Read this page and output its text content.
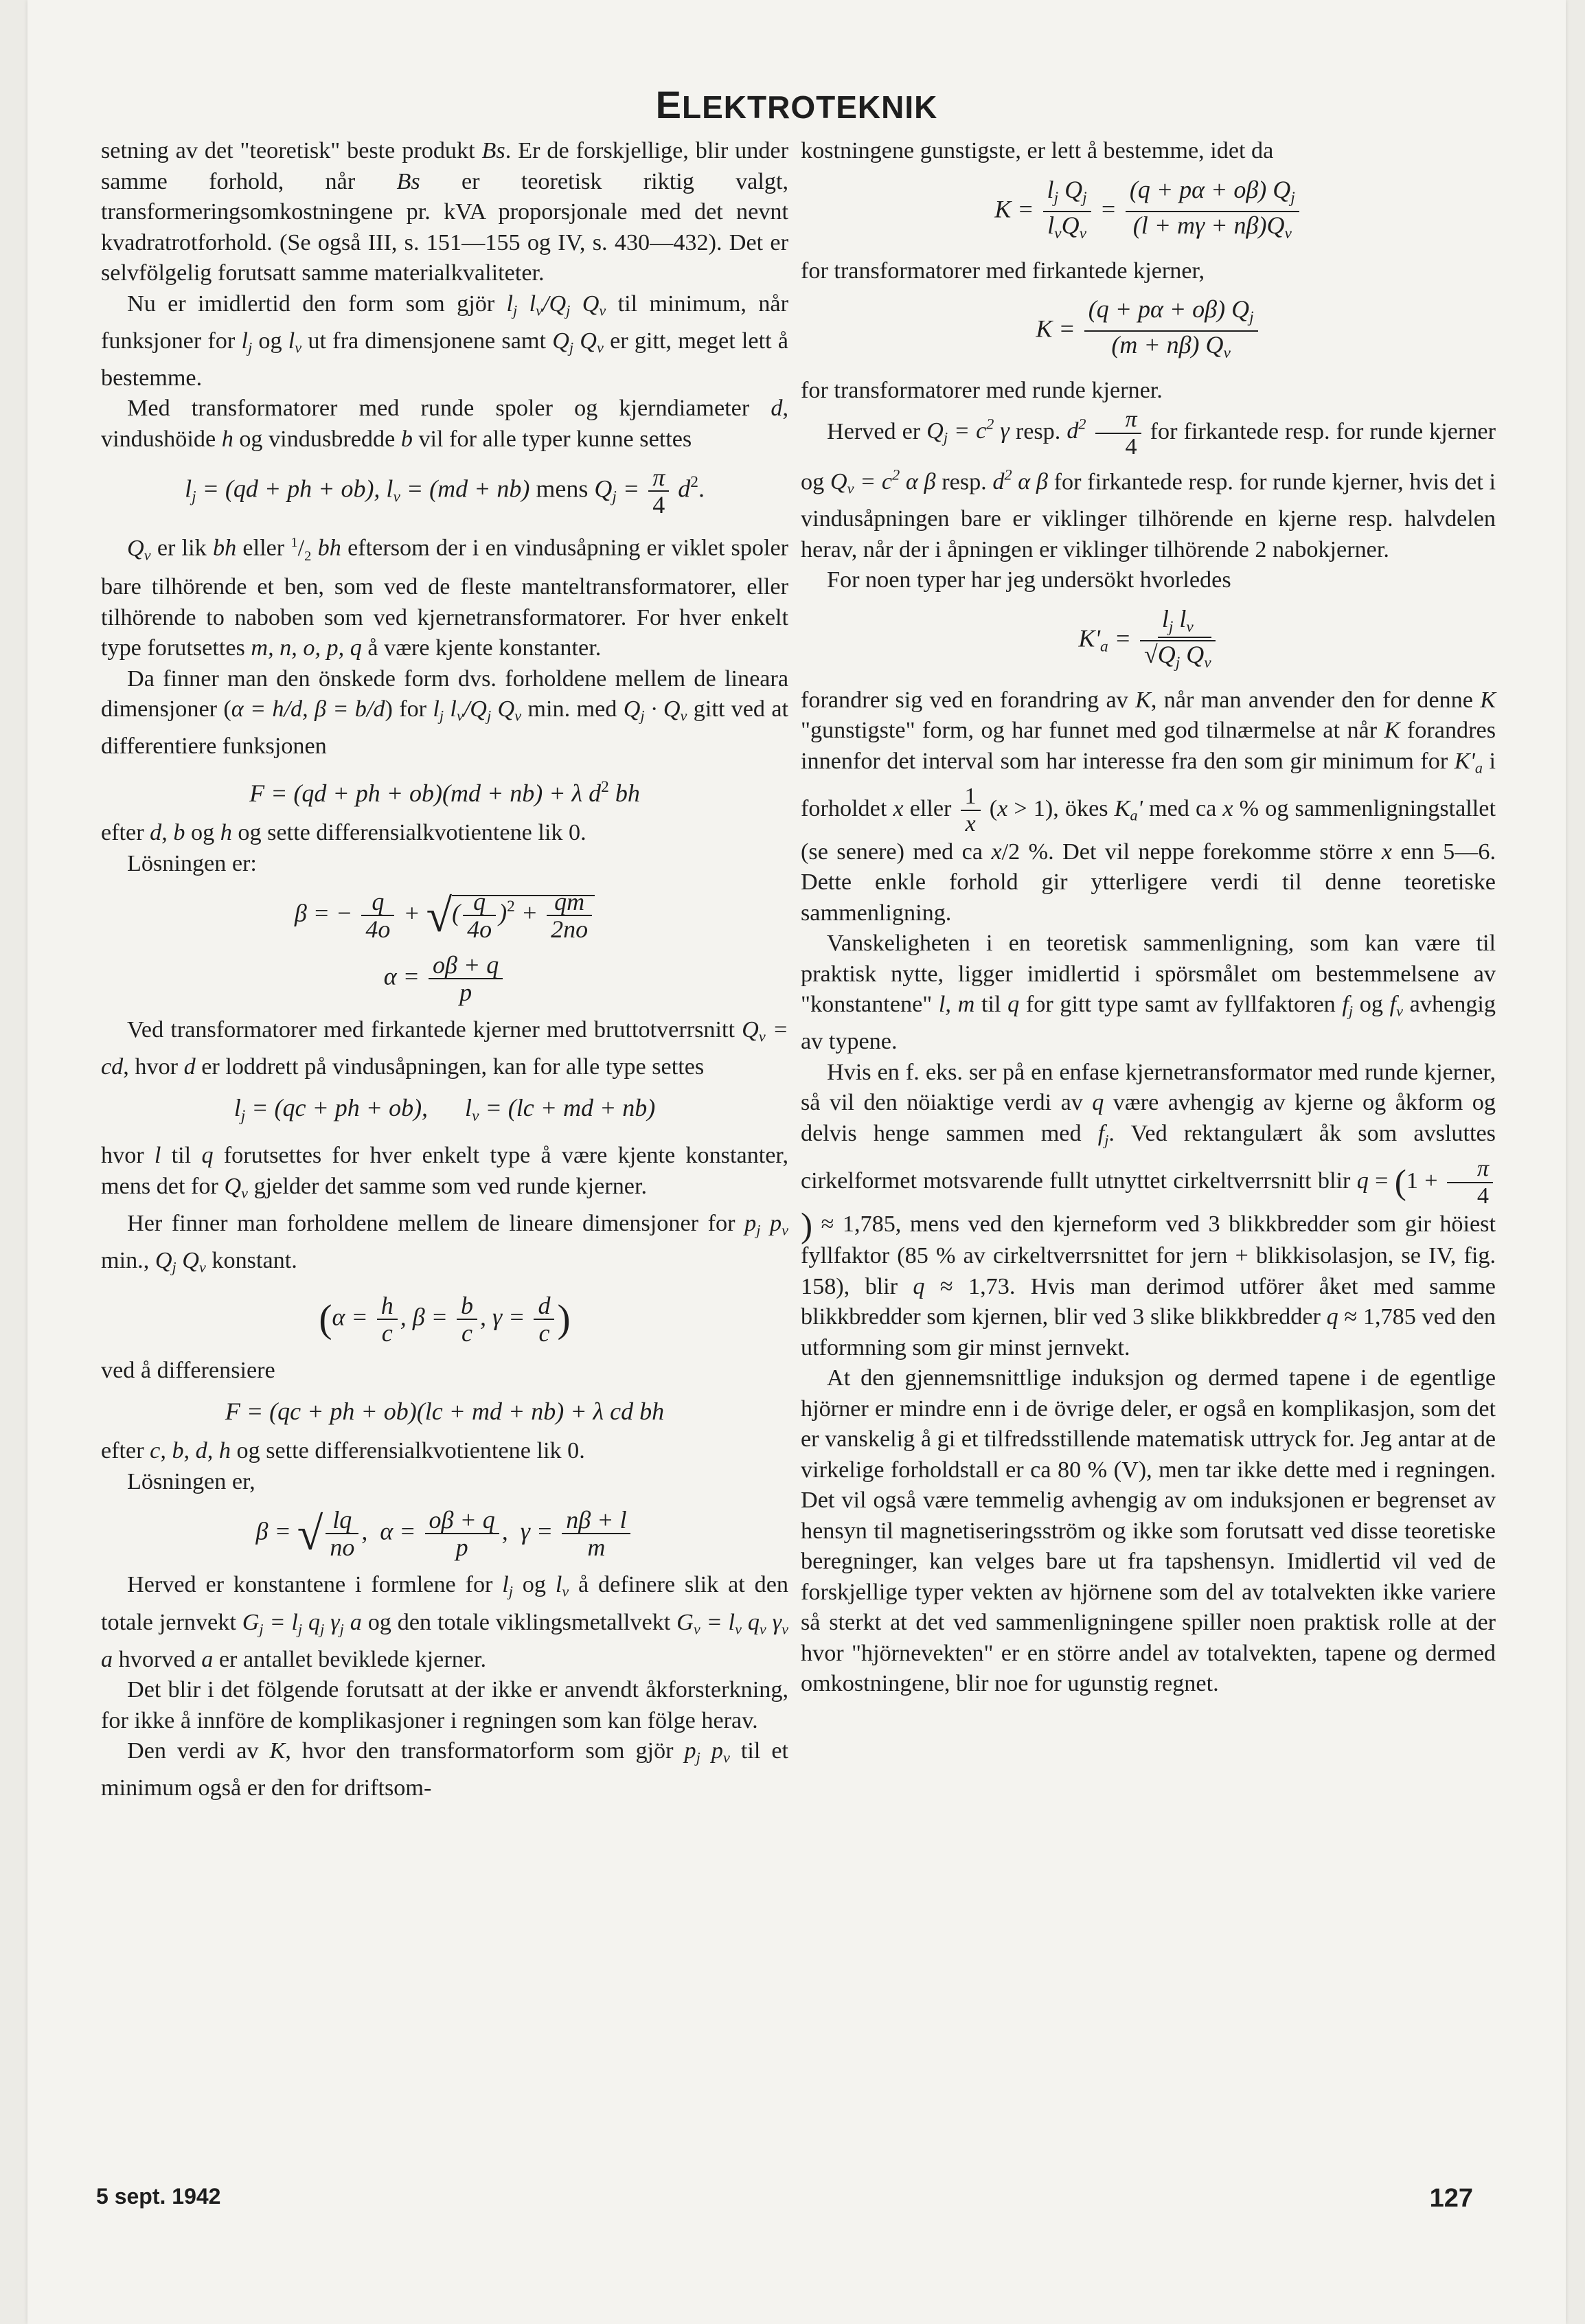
ELEKTROTEKNIK

setning av det "teoretisk" beste produkt Bs. Er de forskjellige, blir under samme forhold, når Bs er teoretisk riktig valgt, transformeringsomkostningene pr. kVA proporsjonale med det nevnt kvadratrotforhold. (Se også III, s. 151—155 og IV, s. 430—432). Det er selvfölgelig forutsatt samme materialkvaliteter.

Nu er imidlertid den form som gjör $l_j$ $l_v/Q_j$ $Q_v$ til minimum, når funksjoner for $l_j$ og $l_v$ ut fra dimensjonene samt $Q_j$ $Q_v$ er gitt, meget lett å bestemme.

Med transformatorer med runde spoler og kjerndiameter d, vindushöide h og vindusbredde b vil for alle typer kunne settes

$l_j = (qd$ + ph + ob), $l_v = (md + nb)$ mens $Q_j = \frac{\pi}{4} d^2$.

$Q_v$ er lik bh eller $^1/_2$ bh eftersom der i en vindusåpning er viklet spoler bare tilhörende et ben, som ved de fleste manteltransformatorer, eller tilhörende to naboben som ved kjernetransformatorer. For hver enkelt type forutsettes m, n, o, p, q å være kjente konstanter.

Da finner man den önskede form dvs. forholdene mellem de lineara dimensjoner (α = h/d, β = b/d) for $l_j$ $l_v/Q_j$ $Q_v$ min. med $Q_j \cdot Q_v$ gitt ved at differentiere funksjonen

F = (qd + ph + ob)(md + nb) + λ $d^2$ bh

efter d, b og h og sette differensialkvotientene lik 0.

Lösningen er:

β = − $\frac{q}{4o}$ + √( $\frac{q}{4o} )^2 + \frac{qm}{2no}$
$\alpha = \frac{o\beta + q}{p}$

Ved transformatorer med firkantede kjerner med bruttotverrsnitt $Q_v$ = cd, hvor d er loddrett på vindusåpningen, kan for alle type settes

$l_j = (qc$ + ph + ob),      $l_v = (lc$ + md + nb)

hvor l til q forutsettes for hver enkelt type å være kjente konstanter, mens det for $Q_v$ gjelder det samme som ved runde kjerner.

Her finner man forholdene mellem de lineare dimensjoner for $p_j$ $p_v$ min., $Q_j$ $Q_v$ konstant.

($\alpha = \frac{h}{c}$ , $\beta = \frac{b}{c}$ , $\gamma = \frac{d}{c}$ )

ved å differensiere

F = (qc + ph + ob)(lc + md + nb) + λ cd bh

efter c, b, d, h og sette differensialkvotientene lik 0.

Lösningen er,

β = √ $\frac{lq}{no}$ ,  $\alpha = \frac{o\beta + q}{p}$ ,  $\gamma = \frac{n\beta + l}{m}$

Herved er konstantene i formlene for $l_j$ og $l_v$ å definere slik at den totale jernvekt $G_j = l_j$ $q_j$ $\gamma_j$ a og den totale viklingsmetallvekt $G_v = l_v$ $q_v$ $\gamma_v$ a hvorved a er antallet beviklede kjerner.

Det blir i det fölgende forutsatt at der ikke er anvendt åkforsterkning, for ikke å innföre de komplikasjoner i regningen som kan fölge herav.

Den verdi av K, hvor den transformatorform som gjör $p_j$ $p_v$ til et minimum også er den for driftsom-

kostningene gunstigste, er lett å bestemme, idet da

$K = \frac{l_j Q_j}{l_vQ_v} = \frac{(q + p\alpha + o\beta) Q_j}{(l + m\gamma + n\beta)Q_v}$

for transformatorer med firkantede kjerner,

$K = \frac{(q + p\alpha + o\beta) Q_j}{(m + n\beta) Q_v}$

for transformatorer med runde kjerner.

Herved er $Q_j = c^2$ γ resp. $d^2 \frac{\pi}{4}$ for firkantede resp. for runde kjerner og $Q_v = c^2$ α β resp. $d^2$ α β for firkantede resp. for runde kjerner, hvis det i vindusåpningen bare er viklinger tilhörende en kjerne resp. halvdelen herav, når der i åpningen er viklinger tilhörende 2 nabokjerner.

For noen typer har jeg undersökt hvorledes

$K'_a = \frac{l_j l_v}{√Q_j Q_v}$

forandrer sig ved en forandring av K, når man anvender den for denne K "gunstigste" form, og har funnet med god tilnærmelse at når K forandres innenfor det interval som har interesse fra den som gir minimum for $K'_a$ i forholdet x eller $\frac{1}{x} (x > 1)$, ökes $K_a'$ med ca x % og sammenligningstallet (se senere) med ca x/2 %. Det vil neppe forekomme större x enn 5—6. Dette enkle forhold gir ytterligere verdi til denne teoretiske sammenligning.

Vanskeligheten i en teoretisk sammenligning, som kan være til praktisk nytte, ligger imidlertid i spörsmålet om bestemmelsene av "konstantene" l, m til q for gitt type samt av fyllfaktoren $f_j$ og $f_v$ avhengig av typene.

Hvis en f. eks. ser på en enfase kjernetransformator med runde kjerner, så vil den nöiaktige verdi av q være avhengig av kjerne og åkform og delvis henge sammen med $f_j$. Ved rektangulært åk som avsluttes cirkelformet motsvarende fullt utnyttet cirkeltverrsnitt blir $q = (1 + \frac{\pi}{4}$
) ≈ 1,785, mens ved den kjerneform ved 3 blikkbredder som gir höiest fyllfaktor (85 % av cirkeltverrsnittet for jern + blikkisolasjon, se IV, fig. 158), blir q ≈ 1,73. Hvis man derimod utförer åket med samme blikkbredder som kjernen, blir ved 3 slike blikkbredder q ≈ 1,785 ved den utformning som gir minst jernvekt.

At den gjennemsnittlige induksjon og dermed tapene i de egentlige hjörner er mindre enn i de övrige deler, er også en komplikasjon, som det er vanskelig å gi et tilfredsstillende matematisk uttryck for. Jeg antar at de virkelige forholdstall er ca 80 % (V), men tar ikke dette med i regningen. Det vil også være temmelig avhengig av om induksjonen er begrenset av hensyn til magnetiseringsström og ikke som forutsatt ved disse teoretiske beregninger, kan velges bare ut fra tapshensyn. Imidlertid vil ved de forskjellige typer vekten av hjörnene som del av totalvekten ikke variere så sterkt at det ved sammenligningene spiller noen praktisk rolle at der hvor "hjörnevekten" er en större andel av totalvekten, tapene og dermed omkostningene, blir noe for ugunstig regnet.

5 sept. 1942	127
